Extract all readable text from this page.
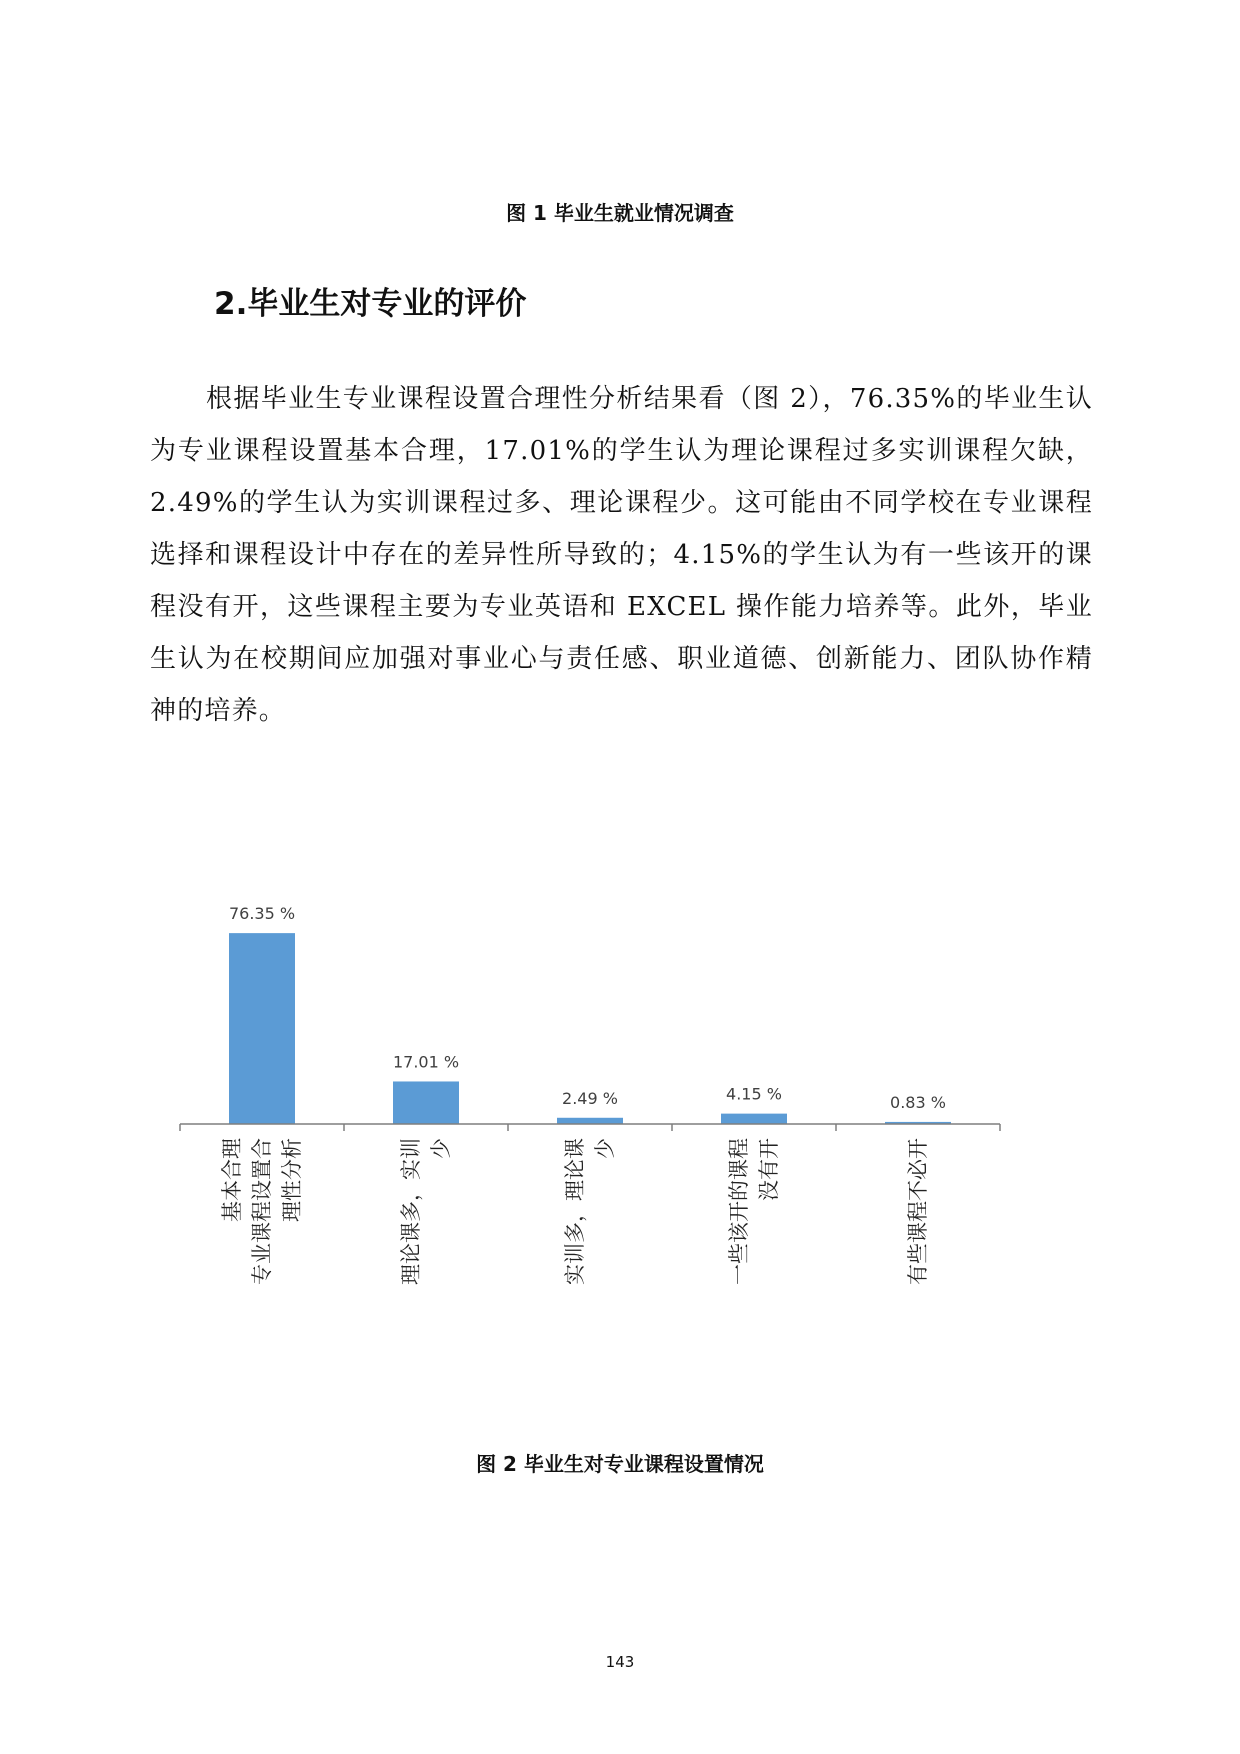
图 1 毕业生就业情况调查
2.毕业生对专业的评价

根据毕业生专业课程设置合理性分析结果看（图 2），76.35%的毕业生认为专业课程设置基本合理，17.01%的学生认为理论课程过多实训课程欠缺，2.49%的学生认为实训课程过多、理论课程少。这可能由不同学校在专业课程选择和课程设计中存在的差异性所导致的；4.15%的学生认为有一些该开的课程没有开，这些课程主要为专业英语和 EXCEL 操作能力培养等。此外，毕业生认为在校期间应加强对事业心与责任感、职业道德、创新能力、团队协作精神的培养。

76.35 %
17.01 %
2.49 %	4.15 %	0.83 %
基本合理 专业课程设置合 理性分析	理论课多，实训 少	实训多，理论课 少	一些该开的课程 没有开	有些课程不必开
图 2 毕业生对专业课程设置情况
143
